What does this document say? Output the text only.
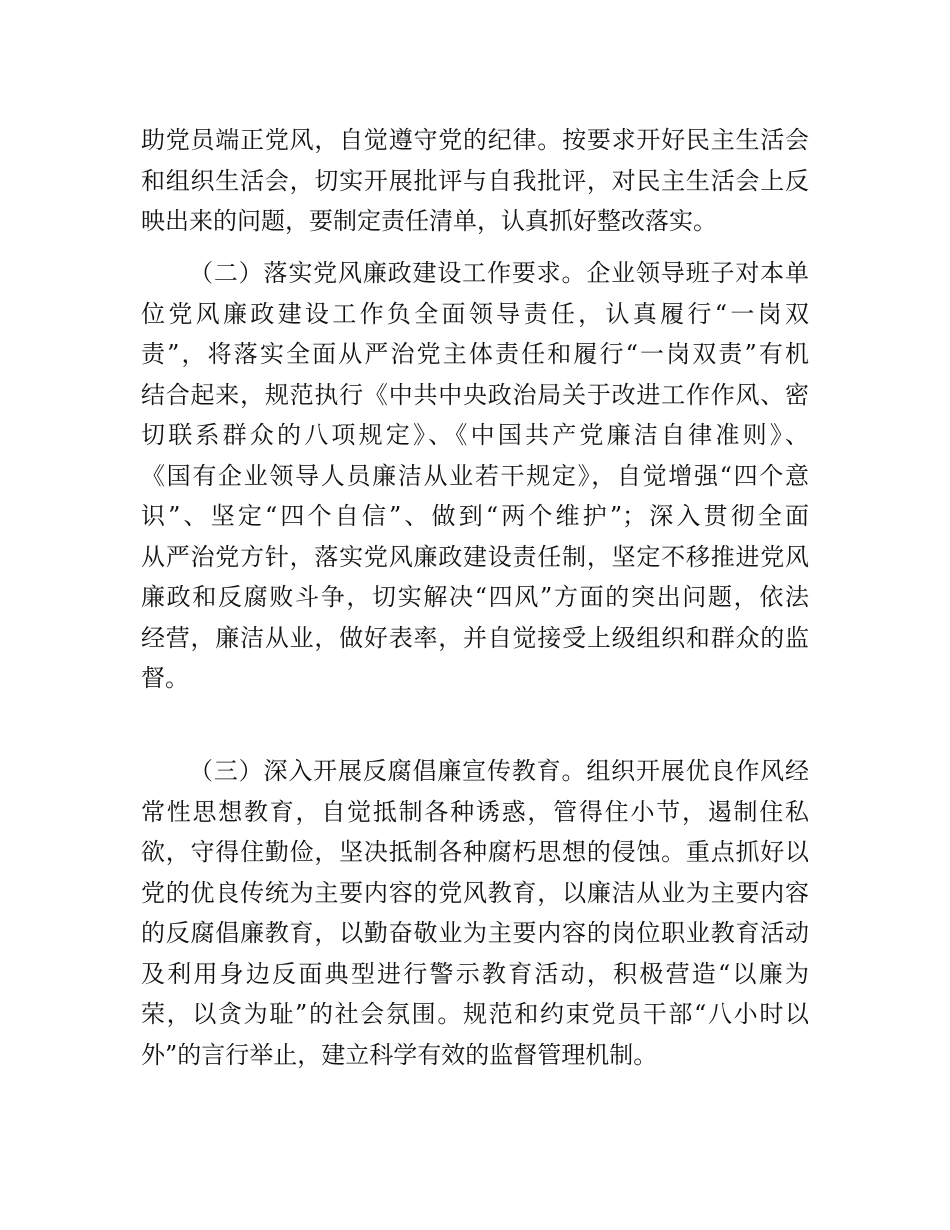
助党员端正党风，自觉遵守党的纪律。按要求开好民主生活会
和组织生活会，切实开展批评与自我批评，对民主生活会上反
映出来的问题，要制定责任清单，认真抓好整改落实。
（二）落实党风廉政建设工作要求。企业领导班子对本单
位党风廉政建设工作负全面领导责任，认真履行“一岗双
责”，将落实全面从严治党主体责任和履行“一岗双责”有机
结合起来，规范执行《中共中央政治局关于改进工作作风、密
切联系群众的八项规定》、《中国共产党廉洁自律准则》、
《国有企业领导人员廉洁从业若干规定》，自觉增强“四个意
识”、坚定“四个自信”、做到“两个维护”；深入贯彻全面
从严治党方针，落实党风廉政建设责任制，坚定不移推进党风
廉政和反腐败斗争，切实解决“四风”方面的突出问题，依法
经营，廉洁从业，做好表率，并自觉接受上级组织和群众的监
督。
（三）深入开展反腐倡廉宣传教育。组织开展优良作风经
常性思想教育，自觉抵制各种诱惑，管得住小节，遏制住私
欲，守得住勤俭，坚决抵制各种腐朽思想的侵蚀。重点抓好以
党的优良传统为主要内容的党风教育，以廉洁从业为主要内容
的反腐倡廉教育，以勤奋敬业为主要内容的岗位职业教育活动
及利用身边反面典型进行警示教育活动，积极营造“以廉为
荣，以贪为耻”的社会氛围。规范和约束党员干部“八小时以
外”的言行举止，建立科学有效的监督管理机制。
